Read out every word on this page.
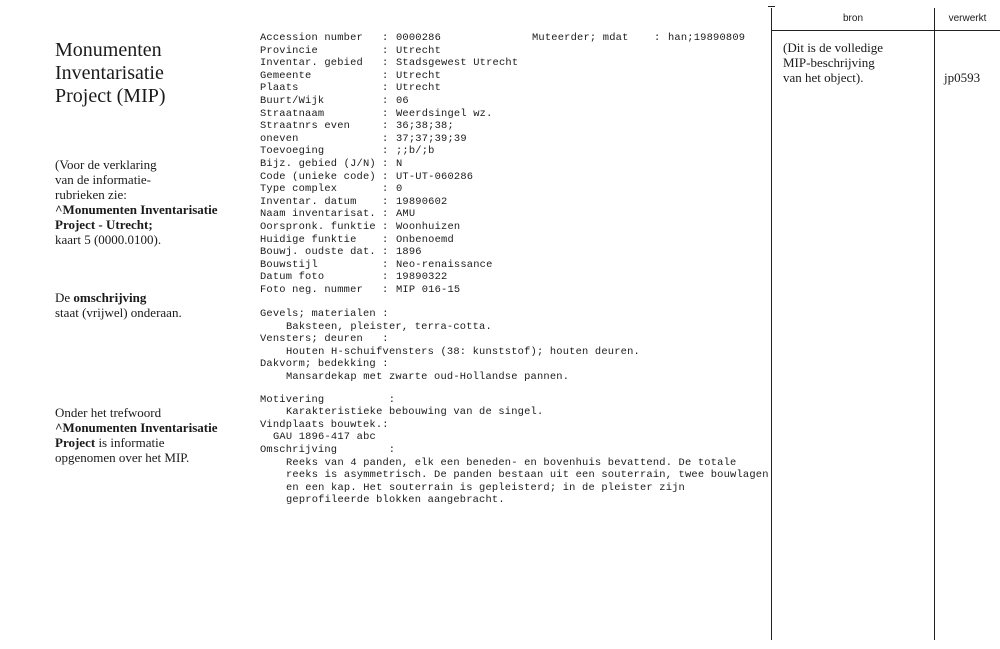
Monumenten
Inventarisatie
Project (MIP)
(Voor de verklaring
van de informatie-
rubrieken zie:
^Monumenten Inventarisatie
Project - Utrecht;
kaart 5 (0000.0100).
De omschrijving
staat (vrijwel) onderaan.
Onder het trefwoord
^Monumenten Inventarisatie
Project is informatie
opgenomen over het MIP.
Accession number	: 0000286	Muteerder; mdat	: han;19890809
Provincie	: Utrecht
Inventar. gebied	: Stadsgewest Utrecht
Gemeente	: Utrecht
Plaats	: Utrecht
Buurt/Wijk	: 06
Straatnaam	: Weerdsingel wz.
Straatnrs even	: 36;38;38;
oneven	: 37;37;39;39
Toevoeging	: ;;b/;b
Bijz. gebied (J/N) : N
Code (unieke code) : UT-UT-060286
Type complex	: 0
Inventar. datum	: 19890602
Naam inventarisat. : AMU
Oorspronk. funktie : Woonhuizen
Huidige funktie	: Onbenoemd
Bouwj. oudste dat. : 1896
Bouwstijl	: Neo-renaissance
Datum foto	: 19890322
Foto neg. nummer	: MIP 016-15
Gevels; materialen :
Baksteen, pleister, terra-cotta.
Vensters; deuren   :
Houten H-schuifvensters (38: kunststof); houten deuren.
Dakvorm; bedekking :
Mansardekap met zwarte oud-Hollandse pannen.
Motivering          :
Karakteristieke bebouwing van de singel.
Vindplaats bouwtek.:
GAU 1896-417 abc
Omschrijving        :
Reeks van 4 panden, elk een beneden- en bovenhuis bevattend. De totale
reeks is asymmetrisch. De panden bestaan uit een souterrain, twee bouwlagen
en een kap. Het souterrain is gepleisterd; in de pleister zijn
geprofileerde blokken aangebracht.
bron	verwerkt
(Dit is de volledige
MIP-beschrijving
van het object).	jp0593
